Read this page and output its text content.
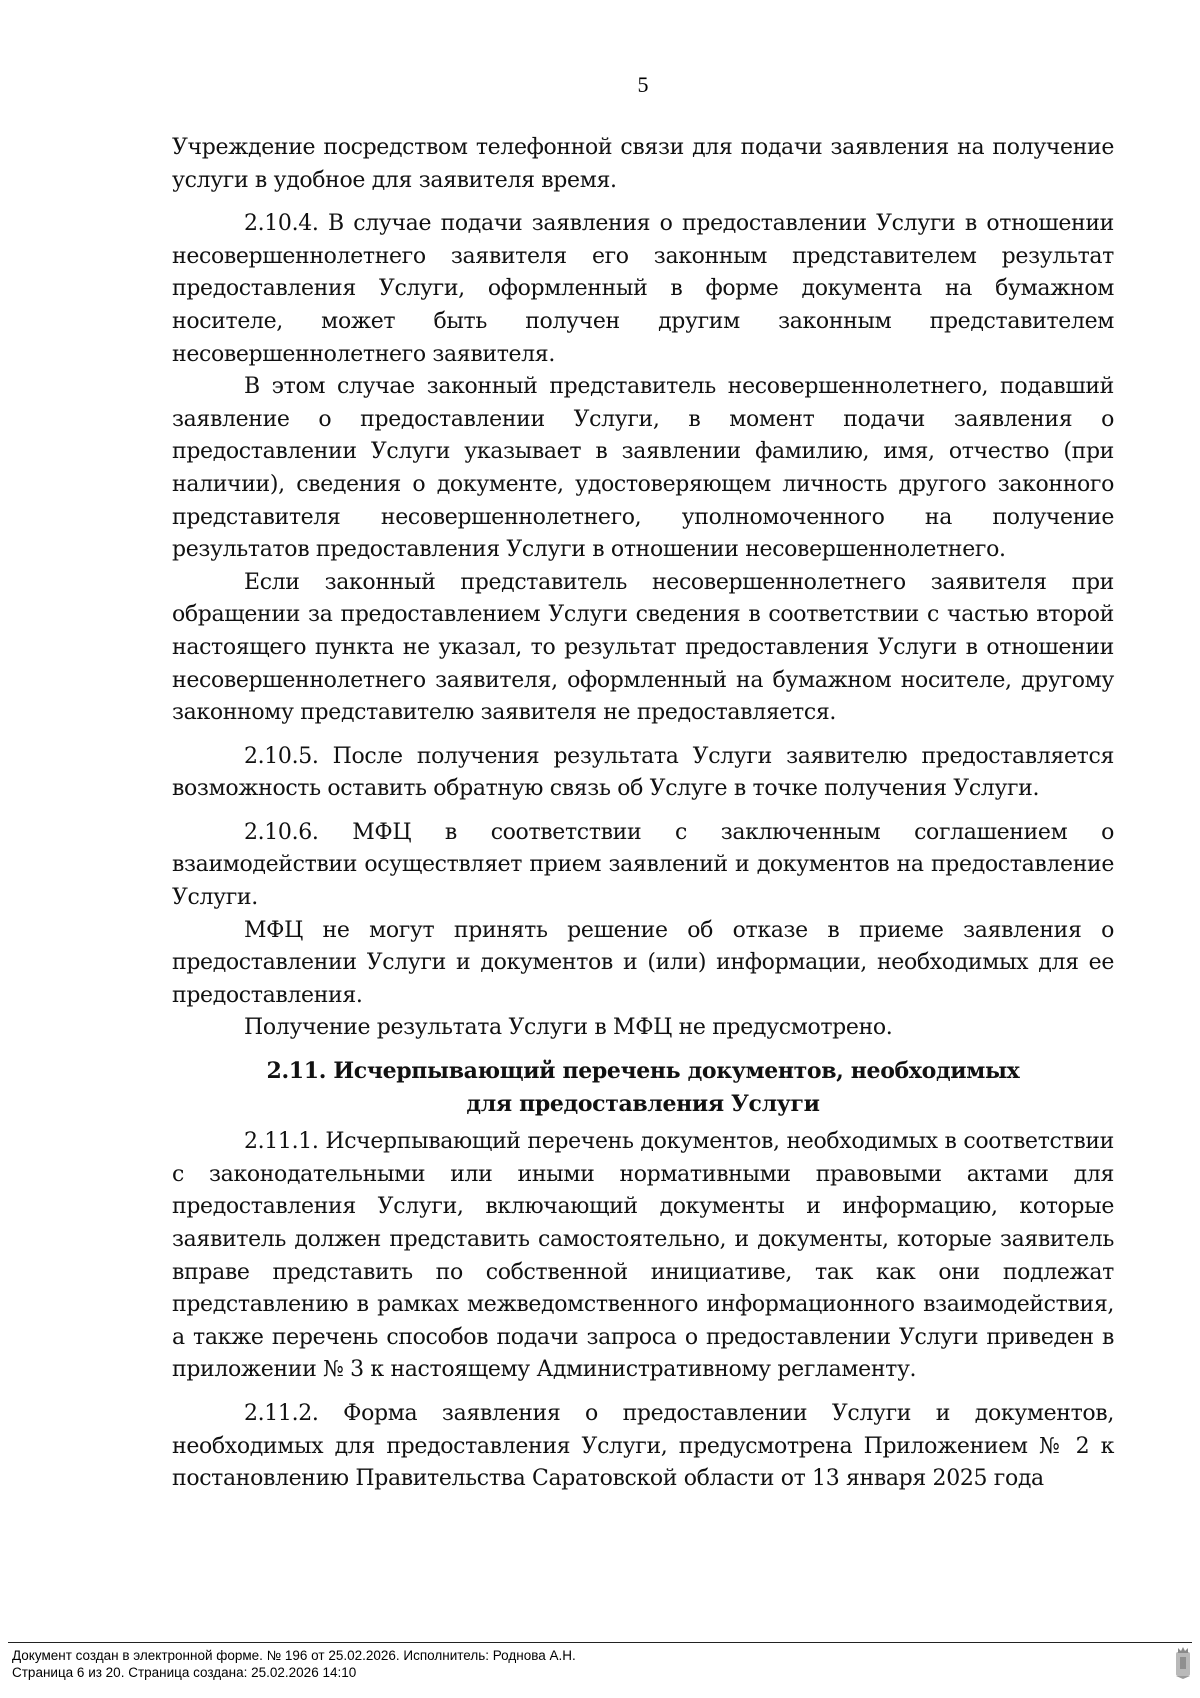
5

Учреждение посредством телефонной связи для подачи заявления на получение услуги в удобное для заявителя время.

2.10.4. В случае подачи заявления о предоставлении Услуги в отношении несовершеннолетнего заявителя его законным представителем результат предоставления Услуги, оформленный в форме документа на бумажном носителе, может быть получен другим законным представителем несовершеннолетнего заявителя.

В этом случае законный представитель несовершеннолетнего, подавший заявление о предоставлении Услуги, в момент подачи заявления о предоставлении Услуги указывает в заявлении фамилию, имя, отчество (при наличии), сведения о документе, удостоверяющем личность другого законного представителя несовершеннолетнего, уполномоченного на получение результатов предоставления Услуги в отношении несовершеннолетнего.

Если законный представитель несовершеннолетнего заявителя при обращении за предоставлением Услуги сведения в соответствии с частью второй настоящего пункта не указал, то результат предоставления Услуги в отношении несовершеннолетнего заявителя, оформленный на бумажном носителе, другому законному представителю заявителя не предоставляется.

2.10.5. После получения результата Услуги заявителю предоставляется возможность оставить обратную связь об Услуге в точке получения Услуги.

2.10.6. МФЦ в соответствии с заключенным соглашением о взаимодействии осуществляет прием заявлений и документов на предоставление Услуги.

МФЦ не могут принять решение об отказе в приеме заявления о предоставлении Услуги и документов и (или) информации, необходимых для ее предоставления.

Получение результата Услуги в МФЦ не предусмотрено.

2.11. Исчерпывающий перечень документов, необходимых для предоставления Услуги

2.11.1. Исчерпывающий перечень документов, необходимых в соответствии с законодательными или иными нормативными правовыми актами для предоставления Услуги, включающий документы и информацию, которые заявитель должен представить самостоятельно, и документы, которые заявитель вправе представить по собственной инициативе, так как они подлежат представлению в рамках межведомственного информационного взаимодействия, а также перечень способов подачи запроса о предоставлении Услуги приведен в приложении № 3 к настоящему Административному регламенту.

2.11.2. Форма заявления о предоставлении Услуги и документов, необходимых для предоставления Услуги, предусмотрена Приложением № 2 к постановлению Правительства Саратовской области от 13 января 2025 года

Документ создан в электронной форме. № 196 от 25.02.2026. Исполнитель: Роднова А.Н.
Страница 6 из 20. Страница создана: 25.02.2026 14:10
